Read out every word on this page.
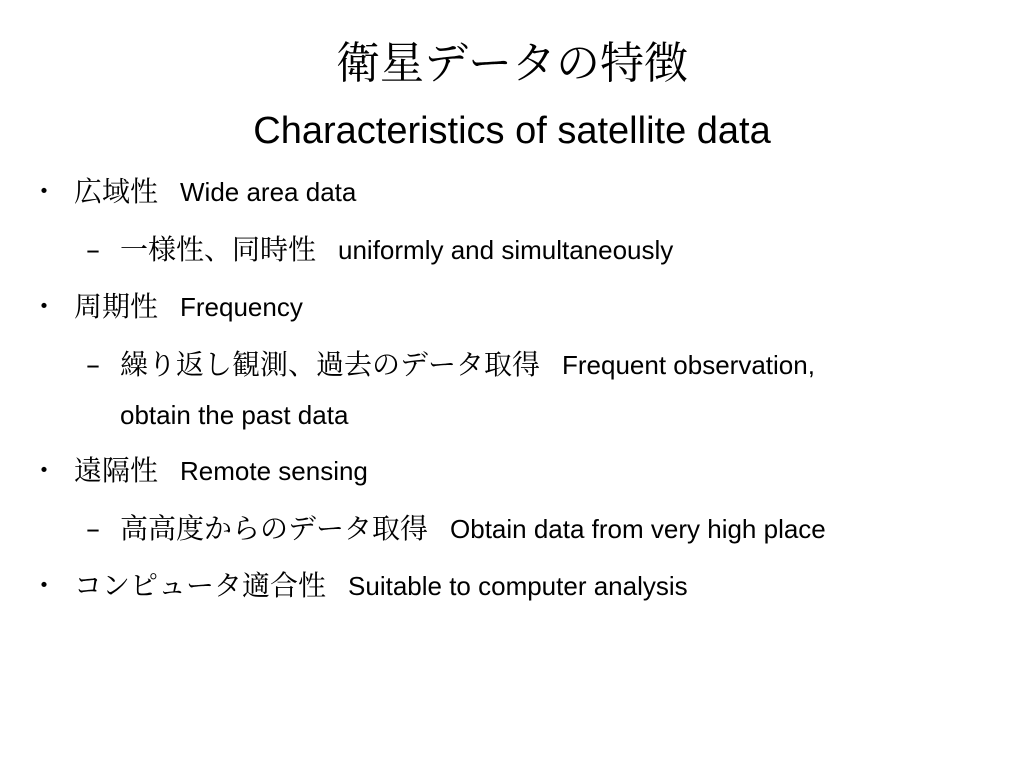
衛星データの特徴
Characteristics of satellite data
・ 広域性 Wide area data
– 一様性、同時性 uniformly and simultaneously
・ 周期性 Frequency
– 繰り返し観測、過去のデータ取得 Frequent observation,
obtain the past data
・ 遠隔性 Remote sensing
– 高高度からのデータ取得 Obtain data from very high place
・ コンピュータ適合性 Suitable to computer analysis
